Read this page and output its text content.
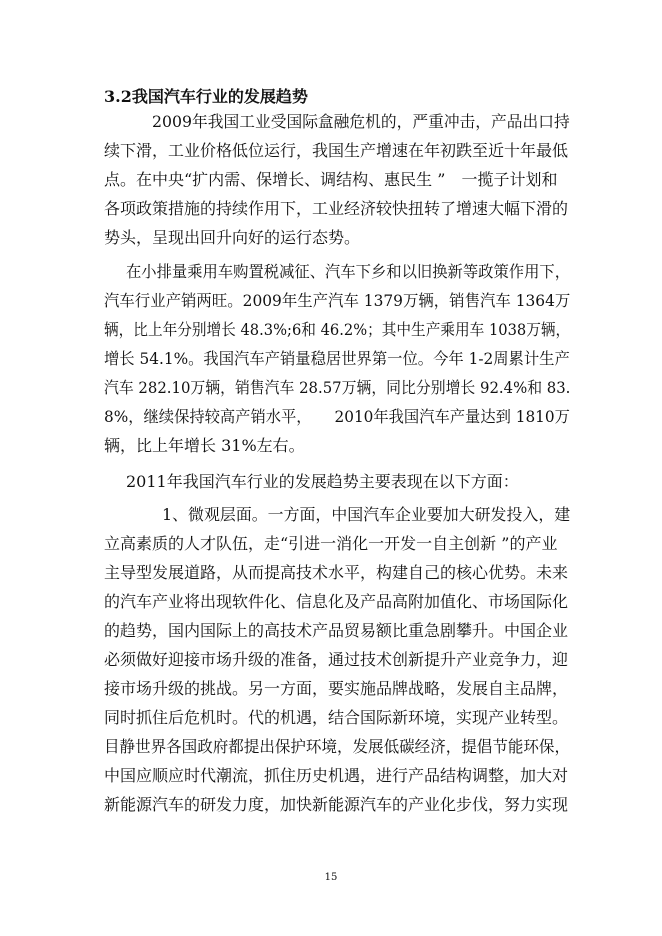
3.2我国汽车行业的发展趋势
2009年我国工业受国际盒融危机的，严重冲击，产品出口持
续下滑，工业价格低位运行，我国生产增速在年初跌至近十年最低
点。在中央“扩内需、保增长、调结构、惠民生 ”　一揽子计划和
各项政策措施的持续作用下，工业经济较快扭转了增速大幅下滑的
势头，呈现出回升向好的运行态势。
在小排量乘用车购置税减征、汽车下乡和以旧换新等政策作用下，
汽车行业产销两旺。2009年生产汽车 1379万辆，销售汽车 1364万
辆，比上年分别增长 48.3%;6和 46.2%；其中生产乘用车 1038万辆，
增长 54.1%。我国汽车产销量稳居世界第一位。今年 1-2周累计生产
汽车 282.10万辆，销售汽车 28.57万辆，同比分别增长 92.4%和 83.
8%，继续保持较高产销水平，　　2010年我国汽车产量达到 1810万
辆，比上年增长 31%左右。
2011年我国汽车行业的发展趋势主要表现在以下方面：
1、微观层面。一方面，中国汽车企业要加大研发投入，建
立高素质的人才队伍，走“引进一消化一开发一自主创新 ”的产业
主导型发展道路，从而提高技术水平，构建自己的核心优势。未来
的汽车产业将出现软件化、信息化及产品高附加值化、市场国际化
的趋势，国内国际上的高技术产品贸易额比重急剧攀升。中国企业
必须做好迎接市场升级的准备，通过技术创新提升产业竞争力，迎
接市场升级的挑战。另一方面，要实施品牌战略，发展自主品牌，
同时抓住后危机时。代的机遇，结合国际新环境，实现产业转型。
目静世界各国政府都提出保护环境，发展低碳经济，提倡节能环保，
中国应顺应时代潮流，抓住历史机遇，进行产品结构调整，加大对
新能源汽车的研发力度，加快新能源汽车的产业化步伐，努力实现
15
